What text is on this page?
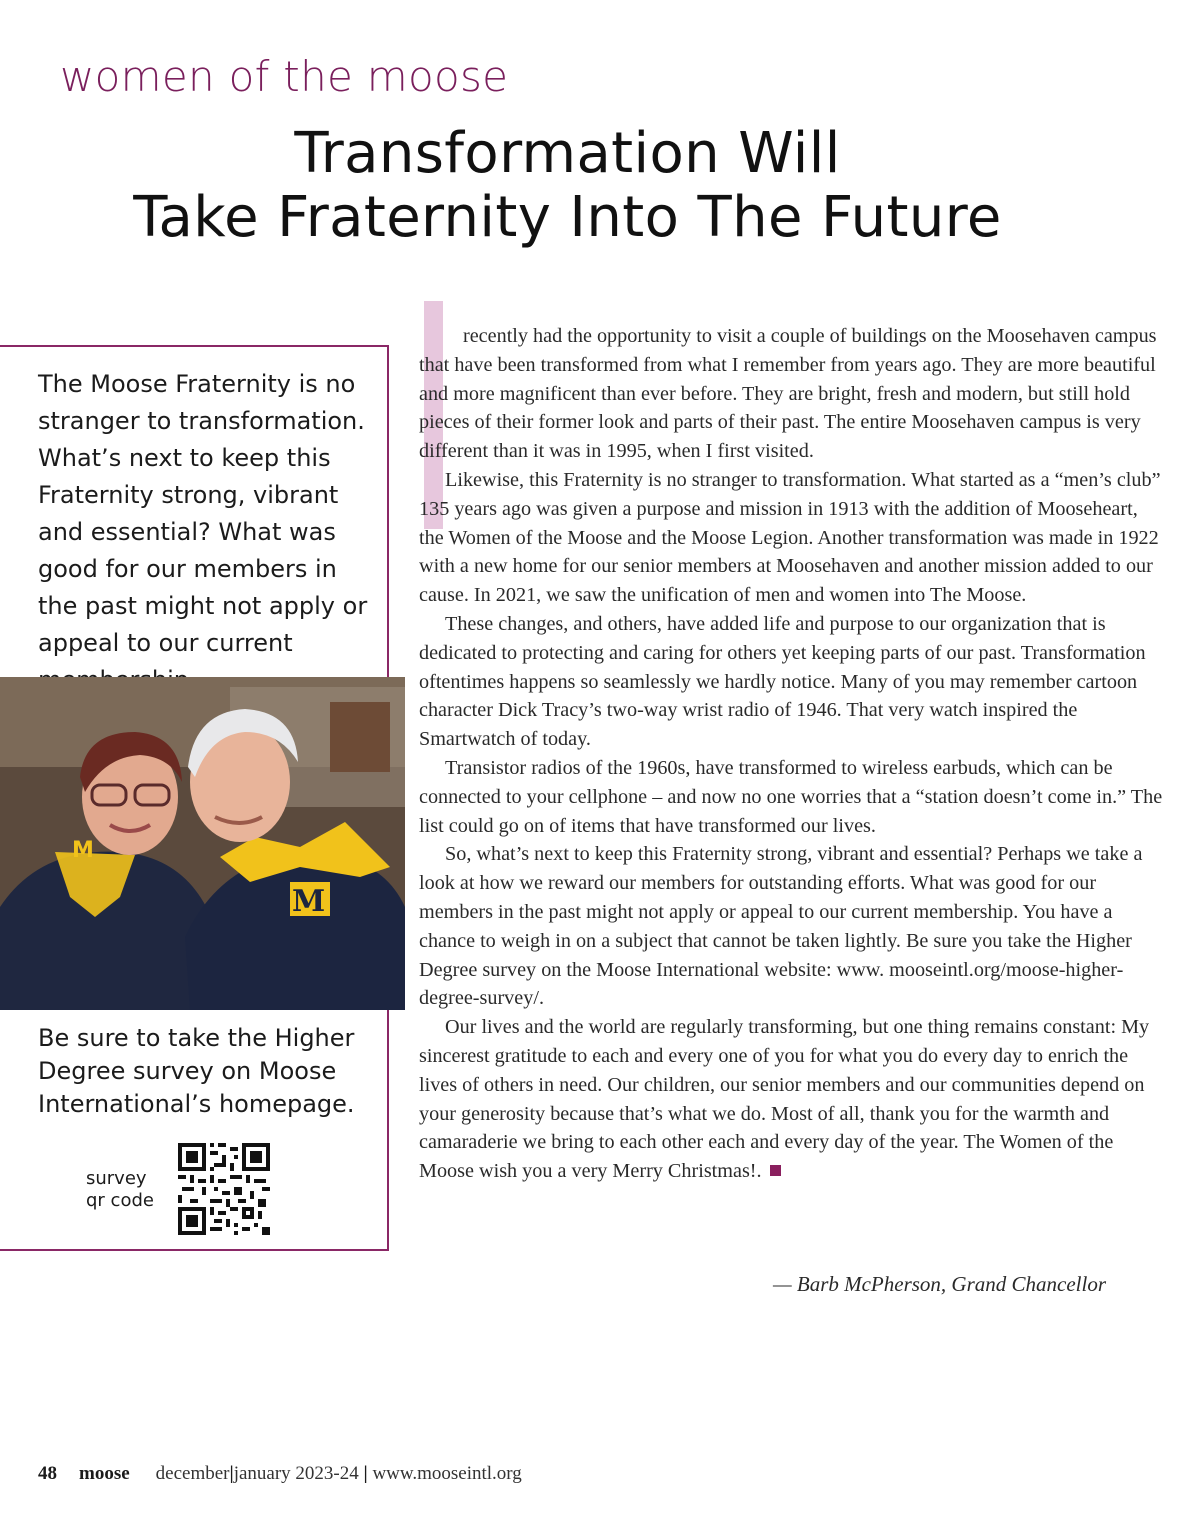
women of the moose
Transformation Will
Take Fraternity Into The Future

The Moose Fraternity is no stranger to transformation. What’s next to keep this Fraternity strong, vibrant and essential? What was good for our members in the past might not apply or appeal to our current

M
M

Be sure to take the Higher Degree survey on Moose International’s homepage.

survey
qr code

recently had the opportunity to visit a couple of buildings on the Moosehaven campus that have been transformed from what I remember from years ago. They are more beautiful and more magnificent than ever before. They are bright, fresh and modern, but still hold pieces of their former look and parts of their past. The entire Moosehaven campus is very different than it was in 1995, when I first visited.

Likewise, this Fraternity is no stranger to transformation. What started as a “men’s club” 135 years ago was given a purpose and mission in 1913 with the addition of Mooseheart, the Women of the Moose and the Moose Legion. Another transformation was made in 1922 with a new home for our senior members at Moosehaven and another mission added to our cause. In 2021, we saw the unification of men and women into The Moose.

These changes, and others, have added life and purpose to our organization that is dedicated to protecting and caring for others yet keeping parts of our past. Transformation oftentimes happens so seamlessly we hardly notice. Many of you may remember cartoon character Dick Tracy’s two-way wrist radio of 1946. That very watch inspired the Smartwatch of today.

Transistor radios of the 1960s, have transformed to wireless earbuds, which can be connected to your cellphone – and now no one worries that a “station doesn’t come in.” The list could go on of items that have transformed our lives.

So, what’s next to keep this Fraternity strong, vibrant and essential? Perhaps we take a look at how we reward our members for outstanding efforts. What was good for our members in the past might not apply or appeal to our current membership. You have a chance to weigh in on a subject that cannot be taken lightly. Be sure you take the Higher Degree survey on the Moose International website: www. mooseintl.org/moose-higher-degree-survey/.

Our lives and the world are regularly transforming, but one thing remains constant: My sincerest gratitude to each and every one of you for what you do every day to enrich the lives of others in need. Our children, our senior members and our communities depend on your generosity because that’s what we do. Most of all, thank you for the warmth and camaraderie we bring to each other each and every day of the year. The Women of the Moose wish you a very Merry Christmas!.

— Barb McPherson, Grand Chancellor
48 moose december|january 2023-24 | www.mooseintl.org
